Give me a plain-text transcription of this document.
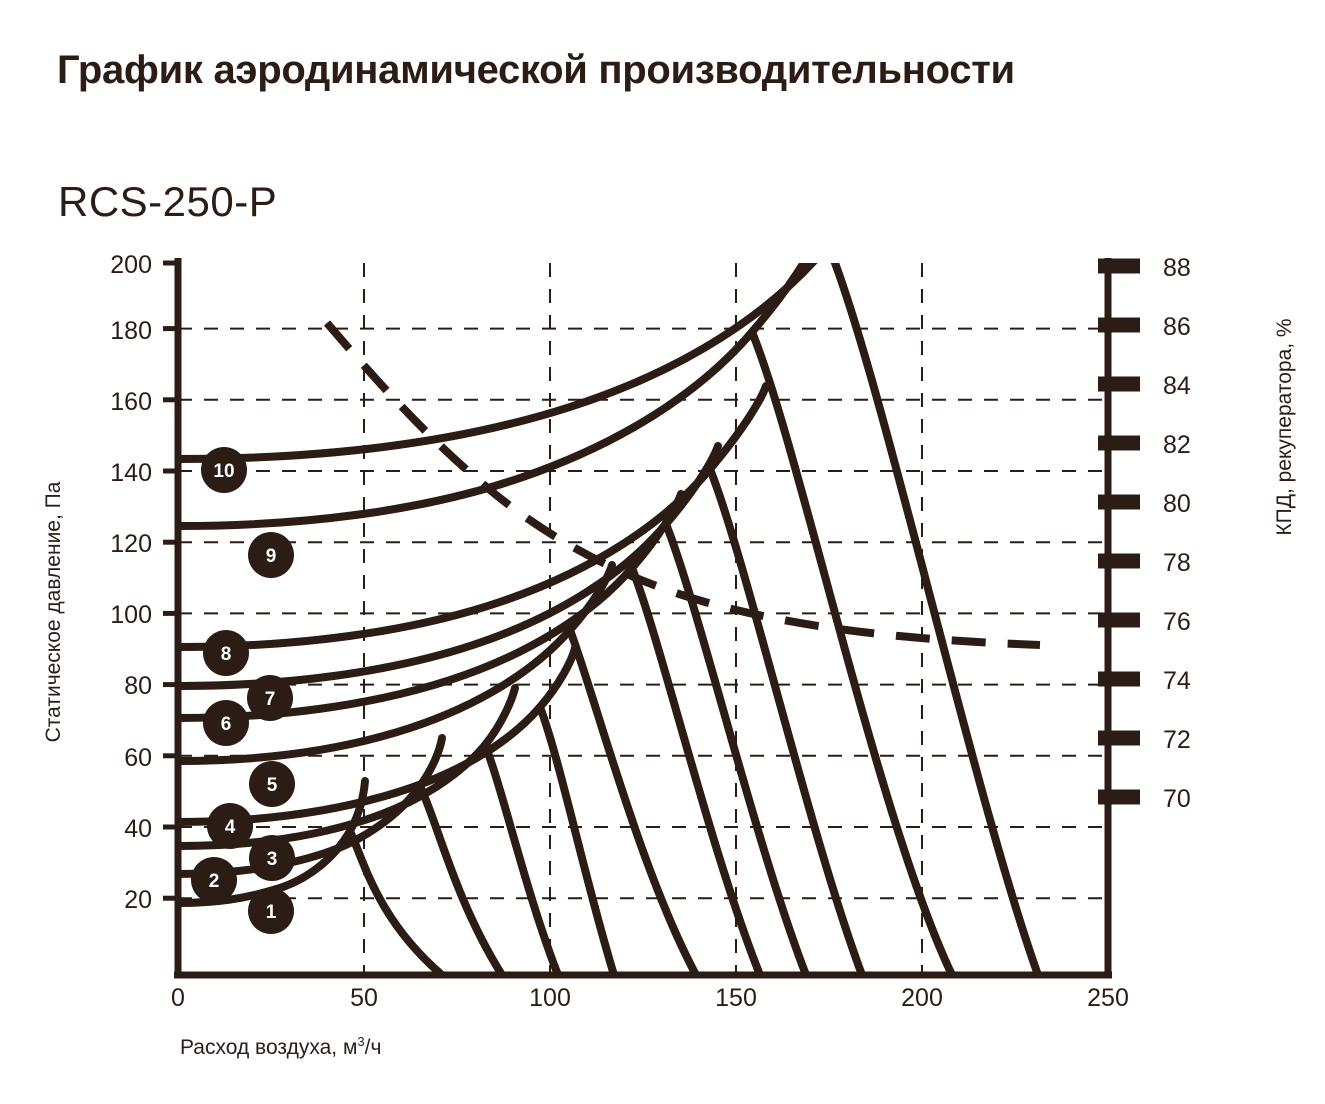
График аэродинамической производительности
RCS-250-P
200
180
160
140
120
100
80
60
40
20
0	50	100	150	200	250
88
86
84
82
80
78
76
74
72
70
10
9
8
7
6
5
4
3
2
1
Статическое давление, Па
КПД, рекуператора, %
Расход воздуха, $м^3/ч$
